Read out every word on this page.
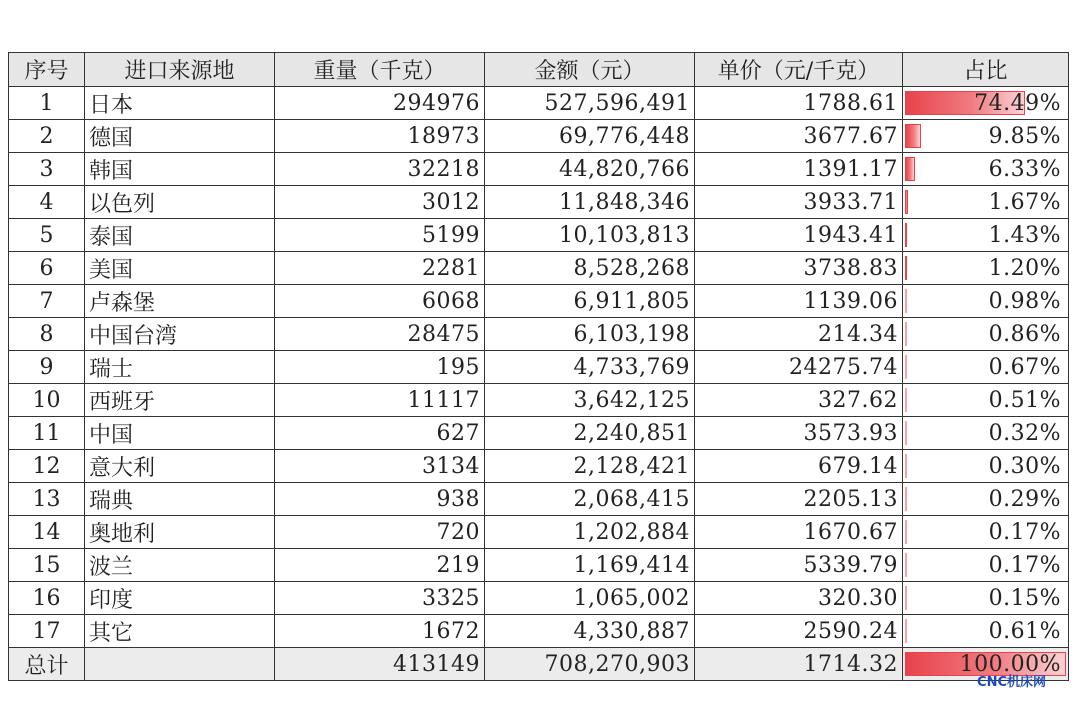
序号	进口来源地	重量（千克）	金额（元）	单价（元/千克）	占比
1	日本	294976	527,596,491	1788.61	74.49%
2	德国	18973	69,776,448	3677.67	9.85%
3	韩国	32218	44,820,766	1391.17	6.33%
4	以色列	3012	11,848,346	3933.71	1.67%
5	泰国	5199	10,103,813	1943.41	1.43%
6	美国	2281	8,528,268	3738.83	1.20%
7	卢森堡	6068	6,911,805	1139.06	0.98%
8	中国台湾	28475	6,103,198	214.34	0.86%
9	瑞士	195	4,733,769	24275.74	0.67%
10	西班牙	11117	3,642,125	327.62	0.51%
11	中国	627	2,240,851	3573.93	0.32%
12	意大利	3134	2,128,421	679.14	0.30%
13	瑞典	938	2,068,415	2205.13	0.29%
14	奥地利	720	1,202,884	1670.67	0.17%
15	波兰	219	1,169,414	5339.79	0.17%
16	印度	3325	1,065,002	320.30	0.15%
17	其它	1672	4,330,887	2590.24	0.61%
总计		413149	708,270,903	1714.32	100.00%
CNC机床网
